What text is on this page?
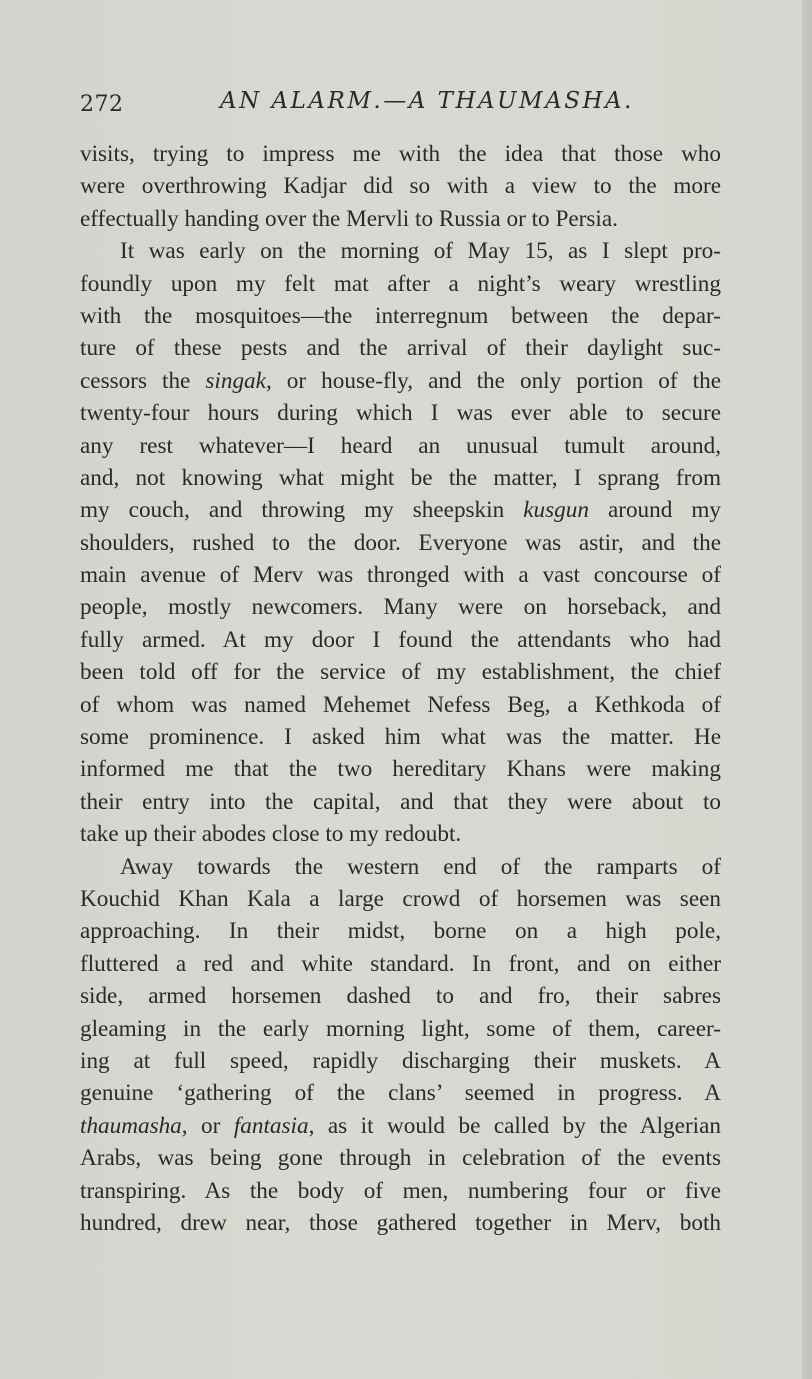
272	AN ALARM.—A THAUMASHA.
visits, trying to impress me with the idea that those who
were overthrowing Kadjar did so with a view to the more
effectually handing over the Mervli to Russia or to Persia.
It was early on the morning of May 15, as I slept pro-
foundly upon my felt mat after a night’s weary wrestling
with the mosquitoes—the interregnum between the depar-
ture of these pests and the arrival of their daylight suc-
cessors the singak, or house-fly, and the only portion of the
twenty-four hours during which I was ever able to secure
any rest whatever—I heard an unusual tumult around,
and, not knowing what might be the matter, I sprang from
my couch, and throwing my sheepskin kusgun around my
shoulders, rushed to the door. Everyone was astir, and the
main avenue of Merv was thronged with a vast concourse of
people, mostly newcomers. Many were on horseback, and
fully armed. At my door I found the attendants who had
been told off for the service of my establishment, the chief
of whom was named Mehemet Nefess Beg, a Kethkoda of
some prominence. I asked him what was the matter. He
informed me that the two hereditary Khans were making
their entry into the capital, and that they were about to
take up their abodes close to my redoubt.
Away towards the western end of the ramparts of
Kouchid Khan Kala a large crowd of horsemen was seen
approaching. In their midst, borne on a high pole,
fluttered a red and white standard. In front, and on either
side, armed horsemen dashed to and fro, their sabres
gleaming in the early morning light, some of them, career-
ing at full speed, rapidly discharging their muskets. A
genuine ‘gathering of the clans’ seemed in progress. A
thaumasha, or fantasia, as it would be called by the Algerian
Arabs, was being gone through in celebration of the events
transpiring. As the body of men, numbering four or five
hundred, drew near, those gathered together in Merv, both
